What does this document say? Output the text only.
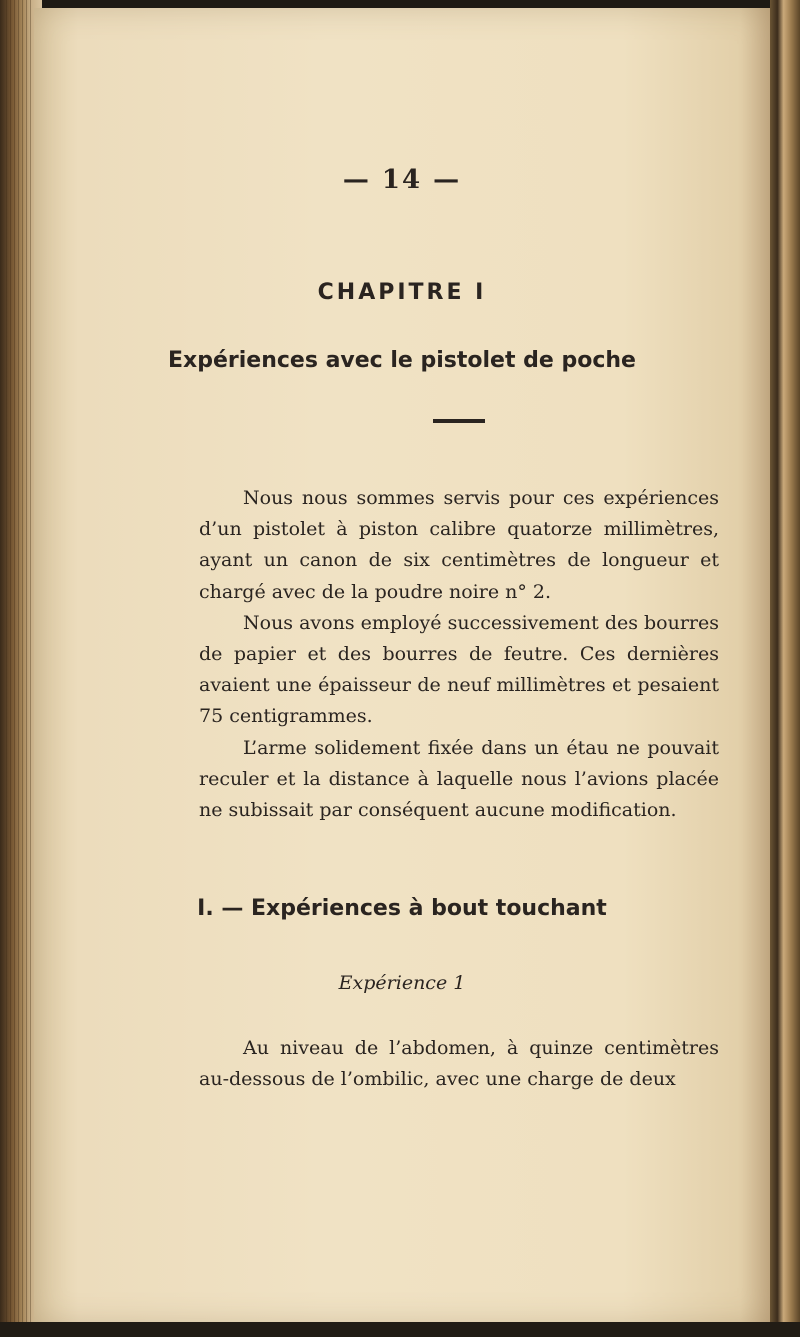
— 14 —
CHAPITRE I
Expériences avec le pistolet de poche

Nous nous sommes servis pour ces expériences d’un pistolet à piston calibre quatorze millimètres, ayant un canon de six centimètres de longueur et chargé avec de la poudre noire n° 2.

Nous avons employé successivement des bourres de papier et des bourres de feutre. Ces dernières avaient une épaisseur de neuf millimètres et pesaient 75 centigrammes.

L’arme solidement fixée dans un étau ne pouvait reculer et la distance à laquelle nous l’avions placée ne subissait par conséquent aucune modification.

I. — Expériences à bout touchant
Expérience 1

Au niveau de l’abdomen, à quinze centimètres au-dessous de l’ombilic, avec une charge de deux
